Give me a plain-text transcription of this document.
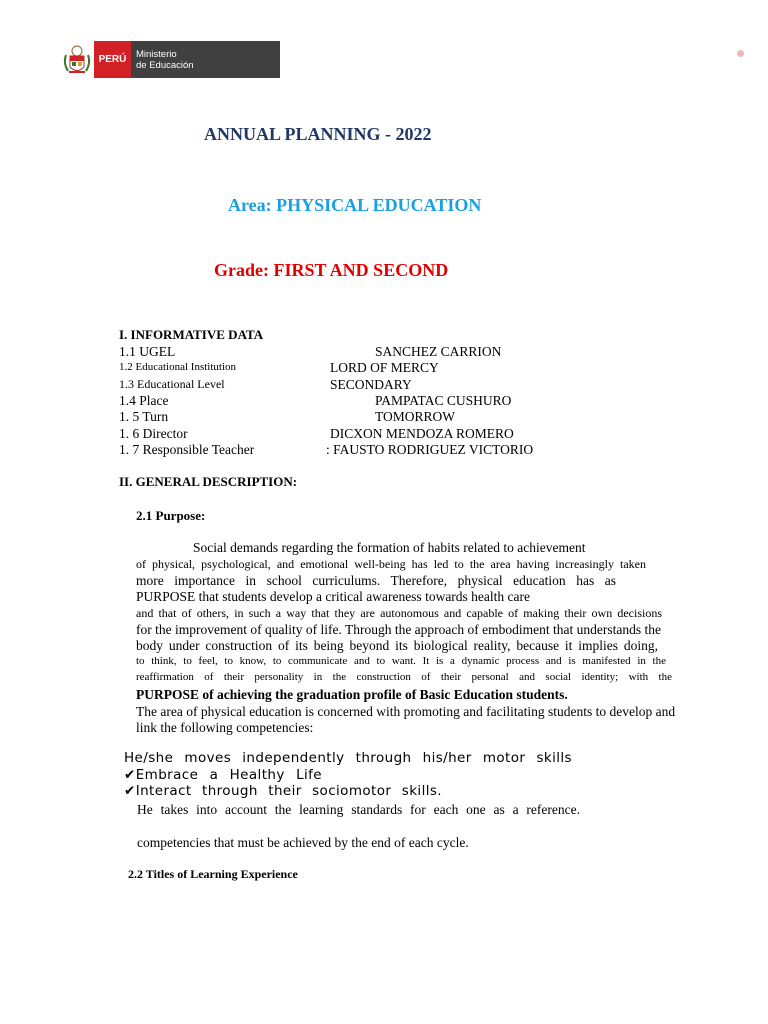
PERÚ Ministerio
de Educación
ANNUAL PLANNING - 2022
Area: PHYSICAL EDUCATION
Grade: FIRST AND SECOND
I. INFORMATIVE DATA
1.1 UGEL	SANCHEZ CARRION
1.2 Educational Institution	LORD OF MERCY
1.3 Educational Level	SECONDARY
1.4 Place	PAMPATAC CUSHURO
1. 5 Turn	TOMORROW
1. 6 Director	DICXON MENDOZA ROMERO
1. 7 Responsible Teacher	: FAUSTO RODRIGUEZ VICTORIO
II. GENERAL DESCRIPTION:
2.1 Purpose:
Social demands regarding the formation of habits related to achievement
of physical, psychological, and emotional well-being has led to the area having increasingly taken
more importance in school curriculums. Therefore, physical education has as
PURPOSE that students develop a critical awareness towards health care
and that of others, in such a way that they are autonomous and capable of making their own decisions
for the improvement of quality of life. Through the approach of embodiment that understands the
body under construction of its being beyond its biological reality, because it implies doing,
to think, to feel, to know, to communicate and to want. It is a dynamic process and is manifested in the
reaffirmation of their personality in the construction of their personal and social identity; with the
PURPOSE of achieving the graduation profile of Basic Education students.
The area of physical education is concerned with promoting and facilitating students to develop and
link the following competencies:
He/she moves independently through his/her motor skills
✔Embrace a Healthy Life
✔Interact through their sociomotor skills.
He takes into account the learning standards for each one as a reference.
competencies that must be achieved by the end of each cycle.
2.2 Titles of Learning Experience
